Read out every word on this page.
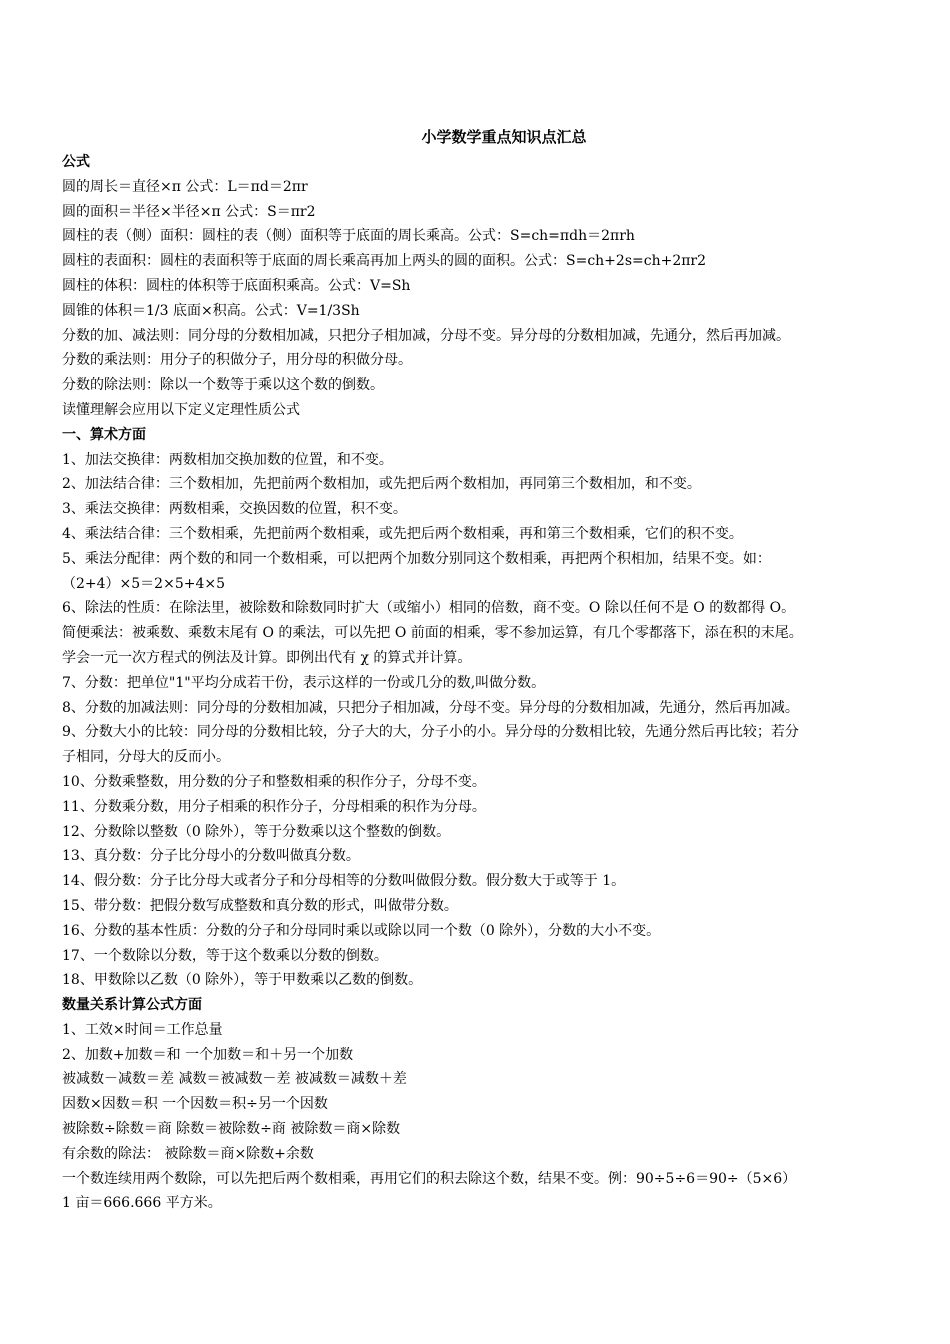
小学数学重点知识点汇总

公式

圆的周长＝直径×π 公式：L＝πd＝2πr

圆的面积＝半径×半径×π 公式：S＝πr2

圆柱的表（侧）面积：圆柱的表（侧）面积等于底面的周长乘高。公式：S=ch=πdh＝2πrh

圆柱的表面积：圆柱的表面积等于底面的周长乘高再加上两头的圆的面积。公式：S=ch+2s=ch+2πr2

圆柱的体积：圆柱的体积等于底面积乘高。公式：V=Sh

圆锥的体积＝1/3 底面×积高。公式：V=1/3Sh

分数的加、减法则：同分母的分数相加减，只把分子相加减，分母不变。异分母的分数相加减，先通分，然后再加减。

分数的乘法则：用分子的积做分子，用分母的积做分母。

分数的除法则：除以一个数等于乘以这个数的倒数。

读懂理解会应用以下定义定理性质公式

一、算术方面

1、加法交换律：两数相加交换加数的位置，和不变。

2、加法结合律：三个数相加，先把前两个数相加，或先把后两个数相加，再同第三个数相加，和不变。

3、乘法交换律：两数相乘，交换因数的位置，积不变。

4、乘法结合律：三个数相乘，先把前两个数相乘，或先把后两个数相乘，再和第三个数相乘，它们的积不变。

5、乘法分配律：两个数的和同一个数相乘，可以把两个加数分别同这个数相乘，再把两个积相加，结果不变。如：

（2+4）×5＝2×5+4×5

6、除法的性质：在除法里，被除数和除数同时扩大（或缩小）相同的倍数，商不变。O 除以任何不是 O 的数都得 O。

简便乘法：被乘数、乘数末尾有 O 的乘法，可以先把 O 前面的相乘，零不参加运算，有几个零都落下，添在积的末尾。

学会一元一次方程式的例法及计算。即例出代有 χ 的算式并计算。

7、分数：把单位"1"平均分成若干份，表示这样的一份或几分的数,叫做分数。

8、分数的加减法则：同分母的分数相加减，只把分子相加减，分母不变。异分母的分数相加减，先通分，然后再加减。

9、分数大小的比较：同分母的分数相比较，分子大的大，分子小的小。异分母的分数相比较，先通分然后再比较；若分

子相同，分母大的反而小。

10、分数乘整数，用分数的分子和整数相乘的积作分子，分母不变。

11、分数乘分数，用分子相乘的积作分子，分母相乘的积作为分母。

12、分数除以整数（0 除外），等于分数乘以这个整数的倒数。

13、真分数：分子比分母小的分数叫做真分数。

14、假分数：分子比分母大或者分子和分母相等的分数叫做假分数。假分数大于或等于 1。

15、带分数：把假分数写成整数和真分数的形式，叫做带分数。

16、分数的基本性质：分数的分子和分母同时乘以或除以同一个数（0 除外），分数的大小不变。

17、一个数除以分数，等于这个数乘以分数的倒数。

18、甲数除以乙数（0 除外），等于甲数乘以乙数的倒数。

数量关系计算公式方面

1、工效×时间＝工作总量

2、加数+加数＝和 一个加数＝和＋另一个加数

被减数－减数＝差 减数＝被减数－差 被减数＝减数＋差

因数×因数＝积 一个因数＝积÷另一个因数

被除数÷除数＝商 除数＝被除数÷商 被除数＝商×除数

有余数的除法： 被除数＝商×除数+余数

一个数连续用两个数除，可以先把后两个数相乘，再用它们的积去除这个数，结果不变。例：90÷5÷6＝90÷（5×6）

1 亩＝666.666 平方米。
